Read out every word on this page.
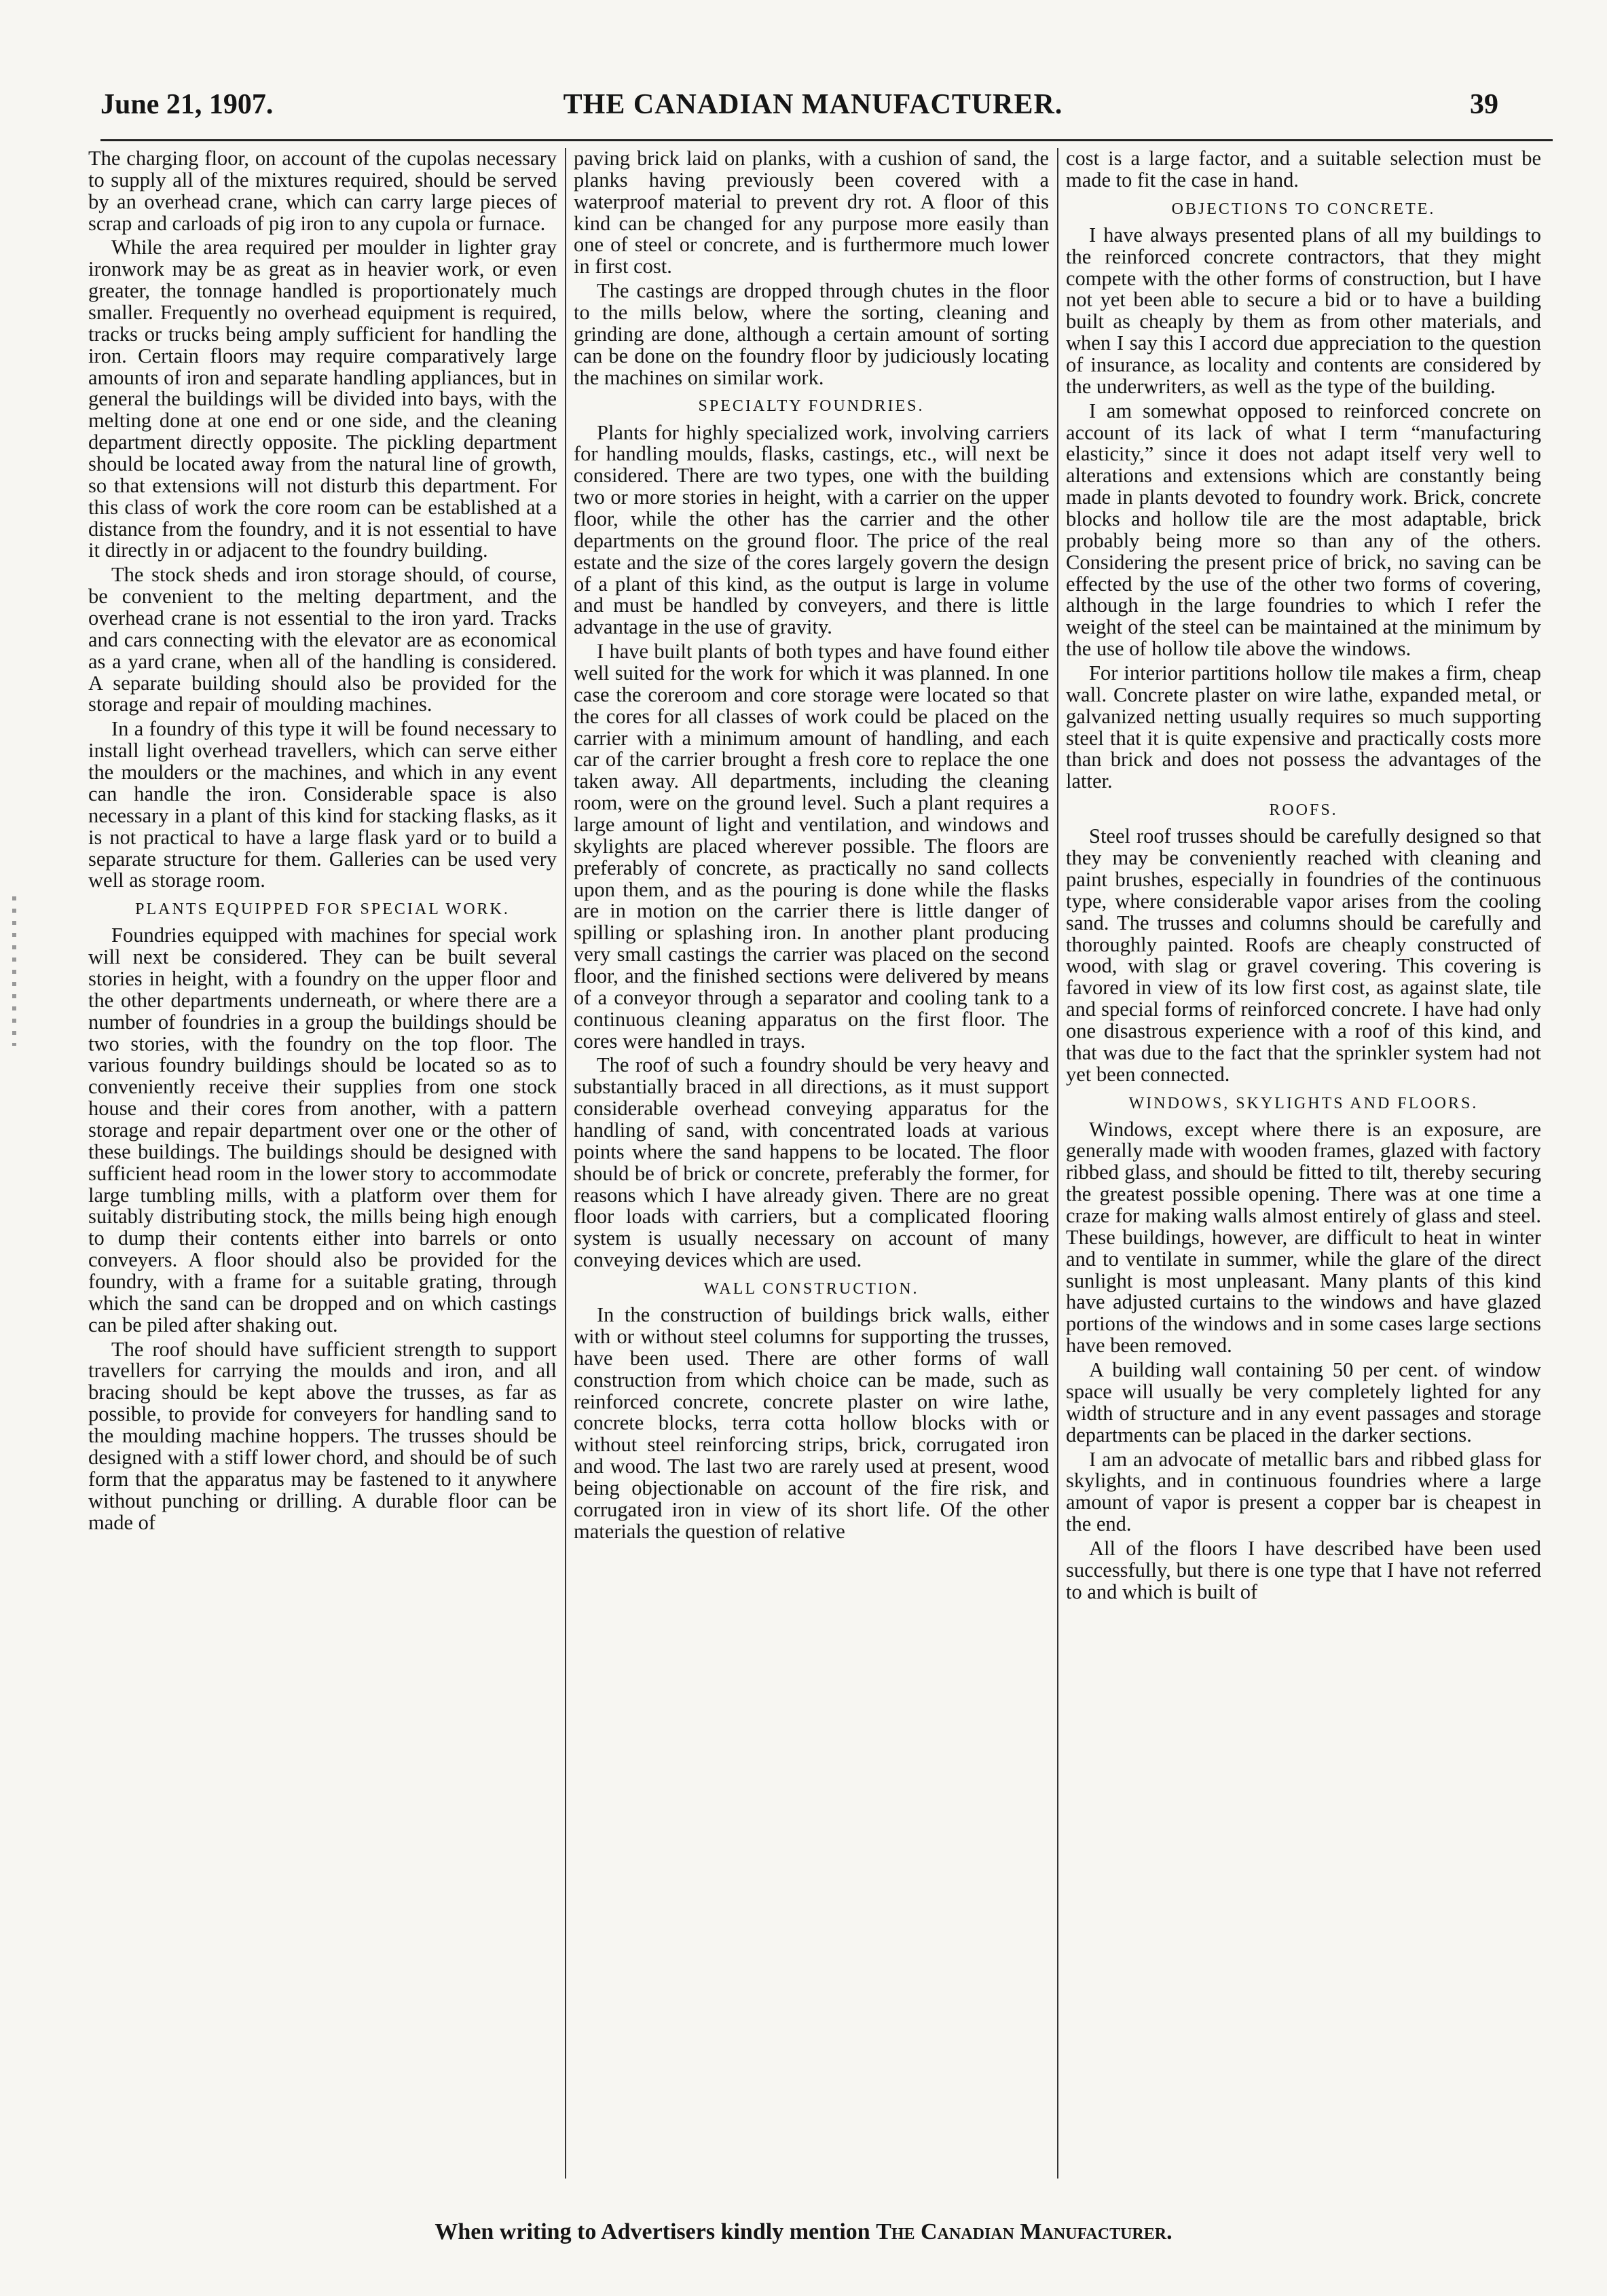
June 21, 1907.	THE CANADIAN MANUFACTURER.	39

The charging floor, on account of the cupolas necessary to supply all of the mixtures required, should be served by an overhead crane, which can carry large pieces of scrap and carloads of pig iron to any cupola or furnace.

While the area required per moulder in lighter gray ironwork may be as great as in heavier work, or even greater, the tonnage handled is proportionately much smaller. Frequently no overhead equipment is required, tracks or trucks being amply sufficient for handling the iron. Certain floors may require comparatively large amounts of iron and separate handling appliances, but in general the buildings will be divided into bays, with the melting done at one end or one side, and the cleaning department directly opposite. The pickling department should be located away from the natural line of growth, so that extensions will not disturb this department. For this class of work the core room can be established at a distance from the foundry, and it is not essential to have it directly in or adjacent to the foundry building.

The stock sheds and iron storage should, of course, be convenient to the melting department, and the overhead crane is not essential to the iron yard. Tracks and cars connecting with the elevator are as economical as a yard crane, when all of the handling is considered. A separate building should also be provided for the storage and repair of moulding machines.

In a foundry of this type it will be found necessary to install light overhead travellers, which can serve either the moulders or the machines, and which in any event can handle the iron. Considerable space is also necessary in a plant of this kind for stacking flasks, as it is not practical to have a large flask yard or to build a separate structure for them. Galleries can be used very well as storage room.

PLANTS EQUIPPED FOR SPECIAL WORK.

Foundries equipped with machines for special work will next be considered. They can be built several stories in height, with a foundry on the upper floor and the other departments underneath, or where there are a number of foundries in a group the buildings should be two stories, with the foundry on the top floor. The various foundry buildings should be located so as to conveniently receive their supplies from one stock house and their cores from another, with a pattern storage and repair department over one or the other of these buildings. The buildings should be designed with sufficient head room in the lower story to accommodate large tumbling mills, with a platform over them for suitably distributing stock, the mills being high enough to dump their contents either into barrels or onto conveyers. A floor should also be provided for the foundry, with a frame for a suitable grating, through which the sand can be dropped and on which castings can be piled after shaking out.

The roof should have sufficient strength to support travellers for carrying the moulds and iron, and all bracing should be kept above the trusses, as far as possible, to provide for conveyers for handling sand to the moulding machine hoppers. The trusses should be designed with a stiff lower chord, and should be of such form that the apparatus may be fastened to it anywhere without punching or drilling. A durable floor can be made of

paving brick laid on planks, with a cushion of sand, the planks having previously been covered with a waterproof material to prevent dry rot. A floor of this kind can be changed for any purpose more easily than one of steel or concrete, and is furthermore much lower in first cost.

The castings are dropped through chutes in the floor to the mills below, where the sorting, cleaning and grinding are done, although a certain amount of sorting can be done on the foundry floor by judiciously locating the machines on similar work.

SPECIALTY FOUNDRIES.

Plants for highly specialized work, involving carriers for handling moulds, flasks, castings, etc., will next be considered. There are two types, one with the building two or more stories in height, with a carrier on the upper floor, while the other has the carrier and the other departments on the ground floor. The price of the real estate and the size of the cores largely govern the design of a plant of this kind, as the output is large in volume and must be handled by conveyers, and there is little advantage in the use of gravity.

I have built plants of both types and have found either well suited for the work for which it was planned. In one case the coreroom and core storage were located so that the cores for all classes of work could be placed on the carrier with a minimum amount of handling, and each car of the carrier brought a fresh core to replace the one taken away. All departments, including the cleaning room, were on the ground level. Such a plant requires a large amount of light and ventilation, and windows and skylights are placed wherever possible. The floors are preferably of concrete, as practically no sand collects upon them, and as the pouring is done while the flasks are in motion on the carrier there is little danger of spilling or splashing iron. In another plant producing very small castings the carrier was placed on the second floor, and the finished sections were delivered by means of a conveyor through a separator and cooling tank to a continuous cleaning apparatus on the first floor. The cores were handled in trays.

The roof of such a foundry should be very heavy and substantially braced in all directions, as it must support considerable overhead conveying apparatus for the handling of sand, with concentrated loads at various points where the sand happens to be located. The floor should be of brick or concrete, preferably the former, for reasons which I have already given. There are no great floor loads with carriers, but a complicated flooring system is usually necessary on account of many conveying devices which are used.

WALL CONSTRUCTION.

In the construction of buildings brick walls, either with or without steel columns for supporting the trusses, have been used. There are other forms of wall construction from which choice can be made, such as reinforced concrete, concrete plaster on wire lathe, concrete blocks, terra cotta hollow blocks with or without steel reinforcing strips, brick, corrugated iron and wood. The last two are rarely used at present, wood being objectionable on account of the fire risk, and corrugated iron in view of its short life. Of the other materials the question of relative

cost is a large factor, and a suitable selection must be made to fit the case in hand.

OBJECTIONS TO CONCRETE.

I have always presented plans of all my buildings to the reinforced concrete contractors, that they might compete with the other forms of construction, but I have not yet been able to secure a bid or to have a building built as cheaply by them as from other materials, and when I say this I accord due appreciation to the question of insurance, as locality and contents are considered by the underwriters, as well as the type of the building.

I am somewhat opposed to reinforced concrete on account of its lack of what I term “manufacturing elasticity,” since it does not adapt itself very well to alterations and extensions which are constantly being made in plants devoted to foundry work. Brick, concrete blocks and hollow tile are the most adaptable, brick probably being more so than any of the others. Considering the present price of brick, no saving can be effected by the use of the other two forms of covering, although in the large foundries to which I refer the weight of the steel can be maintained at the minimum by the use of hollow tile above the windows.

For interior partitions hollow tile makes a firm, cheap wall. Concrete plaster on wire lathe, expanded metal, or galvanized netting usually requires so much supporting steel that it is quite expensive and practically costs more than brick and does not possess the advantages of the latter.

ROOFS.

Steel roof trusses should be carefully designed so that they may be conveniently reached with cleaning and paint brushes, especially in foundries of the continuous type, where considerable vapor arises from the cooling sand. The trusses and columns should be carefully and thoroughly painted. Roofs are cheaply constructed of wood, with slag or gravel covering. This covering is favored in view of its low first cost, as against slate, tile and special forms of reinforced concrete. I have had only one disastrous experience with a roof of this kind, and that was due to the fact that the sprinkler system had not yet been connected.

WINDOWS, SKYLIGHTS AND FLOORS.

Windows, except where there is an exposure, are generally made with wooden frames, glazed with factory ribbed glass, and should be fitted to tilt, thereby securing the greatest possible opening. There was at one time a craze for making walls almost entirely of glass and steel. These buildings, however, are difficult to heat in winter and to ventilate in summer, while the glare of the direct sunlight is most unpleasant. Many plants of this kind have adjusted curtains to the windows and have glazed portions of the windows and in some cases large sections have been removed.

A building wall containing 50 per cent. of window space will usually be very completely lighted for any width of structure and in any event passages and storage departments can be placed in the darker sections.

I am an advocate of metallic bars and ribbed glass for skylights, and in continuous foundries where a large amount of vapor is present a copper bar is cheapest in the end.

All of the floors I have described have been used successfully, but there is one type that I have not referred to and which is built of

When writing to Advertisers kindly mention The Canadian Manufacturer.
